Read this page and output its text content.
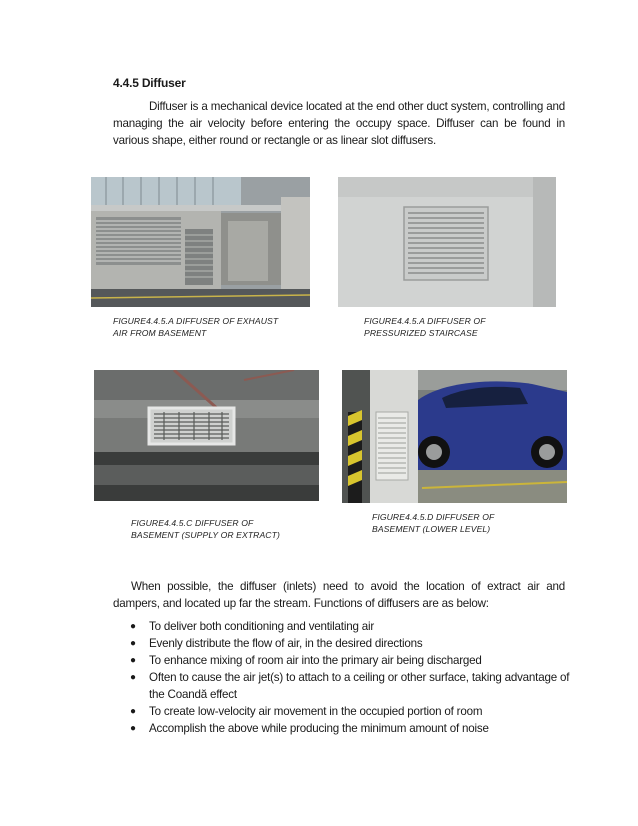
4.4.5 Diffuser
Diffuser is a mechanical device located at the end other duct system, controlling and managing the air velocity before entering the occupy space. Diffuser can be found in various shape, either round or rectangle or as linear slot diffusers.
FIGURE4.4.5.A DIFFUSER OF EXHAUST
AIR FROM BASEMENT
FIGURE4.4.5.A DIFFUSER OF
PRESSURIZED STAIRCASE
FIGURE4.4.5.C DIFFUSER OF
BASEMENT (SUPPLY OR EXTRACT)
FIGURE4.4.5.D DIFFUSER OF
BASEMENT (LOWER LEVEL)
When possible, the diffuser (inlets) need to avoid the location of extract air and dampers, and located up far the stream. Functions of diffusers are as below:
● To deliver both conditioning and ventilating air
● Evenly distribute the flow of air, in the desired directions
● To enhance mixing of room air into the primary air being discharged
● Often to cause the air jet(s) to attach to a ceiling or other surface, taking advantage of the Coandă effect
● To create low-velocity air movement in the occupied portion of room
● Accomplish the above while producing the minimum amount of noise
